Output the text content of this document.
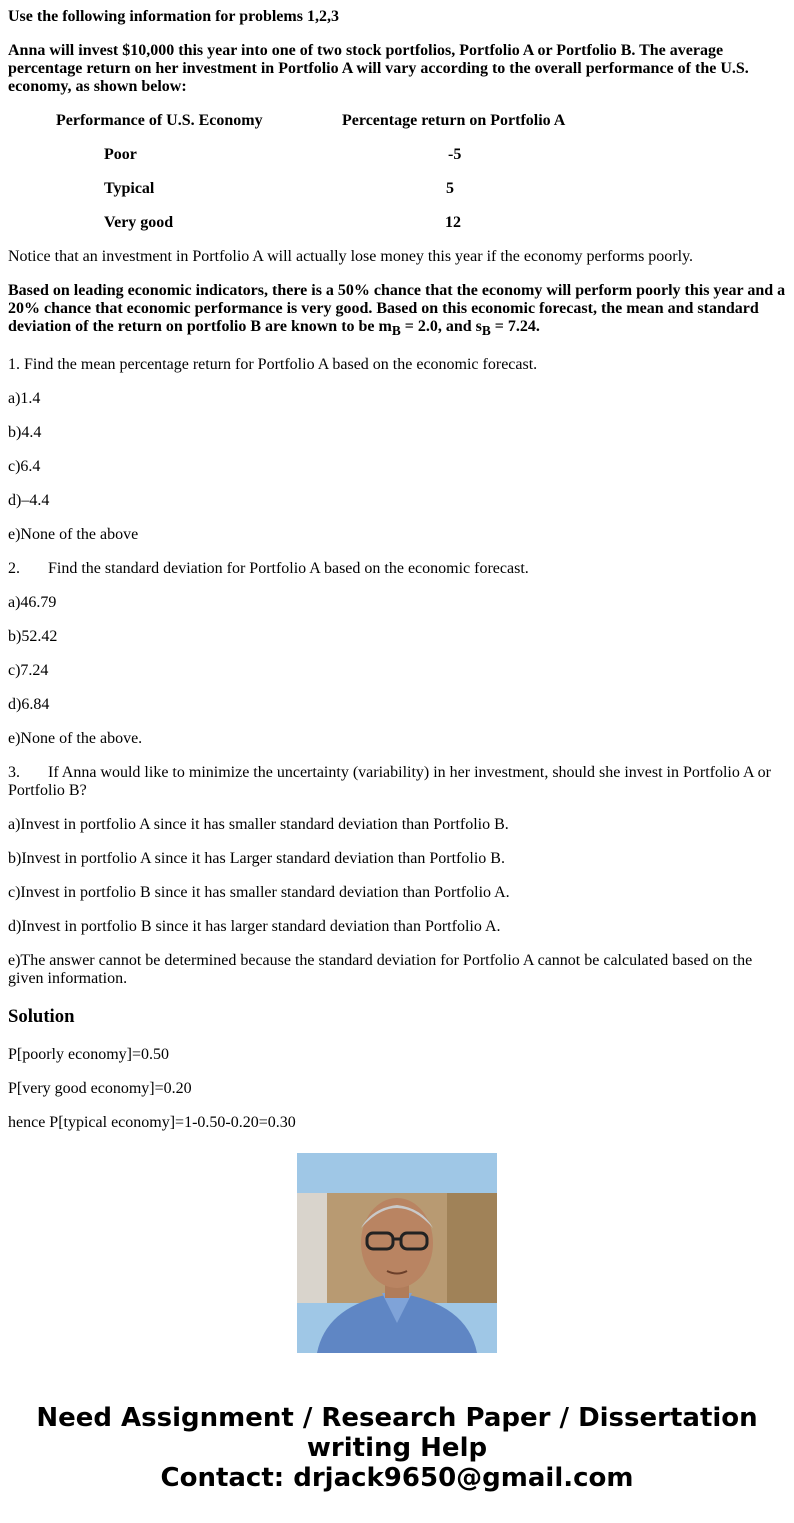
Use the following information for problems 1,2,3

Anna will invest $10,000 this year into one of two stock portfolios, Portfolio A or Portfolio B. The average percentage return on her investment in Portfolio A will vary according to the overall performance of the U.S. economy, as shown below:

Performance of U.S. Economy	Percentage return on Portfolio A
Poor	-5
Typical	5
Very good	12

Notice that an investment in Portfolio A will actually lose money this year if the economy performs poorly.

Based on leading economic indicators, there is a 50% chance that the economy will perform poorly this year and a 20% chance that economic performance is very good. Based on this economic forecast, the mean and standard deviation of the return on portfolio B are known to be $m_B = 2.0$, and $s_B = 7.24$.

1. Find the mean percentage return for Portfolio A based on the economic forecast.

a)1.4

b)4.4

c)6.4

d)–4.4

e)None of the above

2. Find the standard deviation for Portfolio A based on the economic forecast.

a)46.79

b)52.42

c)7.24

d)6.84

e)None of the above.

3. If Anna would like to minimize the uncertainty (variability) in her investment, should she invest in Portfolio A or Portfolio B?

a)Invest in portfolio A since it has smaller standard deviation than Portfolio B.

b)Invest in portfolio A since it has Larger standard deviation than Portfolio B.

c)Invest in portfolio B since it has smaller standard deviation than Portfolio A.

d)Invest in portfolio B since it has larger standard deviation than Portfolio A.

e)The answer cannot be determined because the standard deviation for Portfolio A cannot be calculated based on the given information.

Solution

P[poorly economy]=0.50

P[very good economy]=0.20

hence P[typical economy]=1-0.50-0.20=0.30

Need Assignment / Research Paper / Dissertation
writing Help
Contact: drjack9650@gmail.com
